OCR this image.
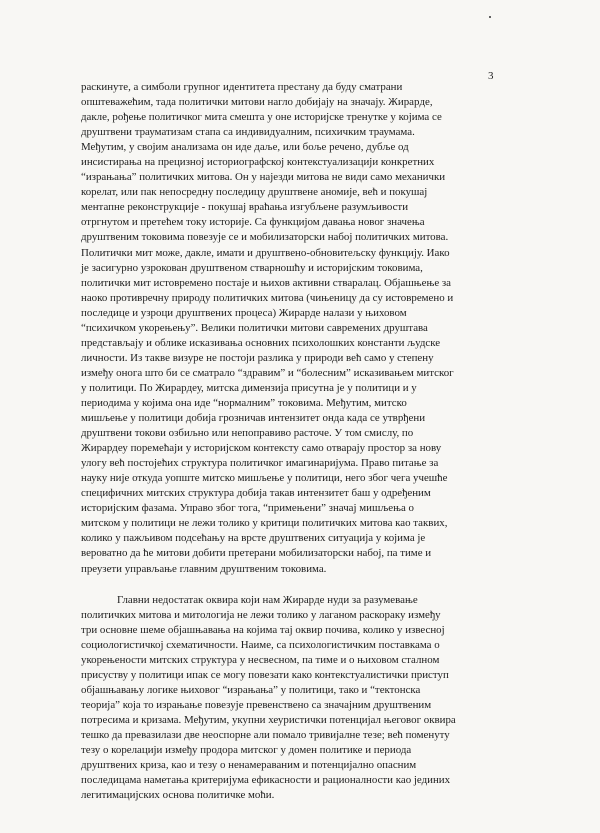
3
раскинуте, а симболи групног идентитета престану да буду сматрани
општеважећим, тада политички митови нагло добијају на значају. Жираpде,
дакле, рођење политичког мита смешта у оне историјске тренутке у којима се
друштвени трауматизам стапа са индивидуалним, психичким траумама.
Међутим, у својим анализама он иде даље, или боље речено, дубље од
инсистирања на прецизној историографској контекстуализацији конкретних
“израњања” политичких митова. Он у најезди митова не види само механички
корелат, или пак непосредну последицу друштвене аномије, већ и покушај
ментапне реконструкције - покушај враћања изгубљене разумљивости
отргнутом и претећем току историје. Са функцијом давања новог значења
друштвеним токовима повезује се и мобилизаторски набој политичких митова.
Политички мит може, дакле, имати и друштвено-обновитељску функцију. Иако
је засигурно узрокован друштвеном стварношћу и историјским токовима,
политички мит истовремено постаје и њихов активни стваралац. Објашњење за
наоко противречну природу политичких митова (чињеницу да су истовремено и
последице и узроци друштвених процеса) Жираpде налази у њиховом
“психичком укорењењу”. Велики политички митови савремених друштава
представљају и облике исказивања основних психолошких константи људске
личности. Из такве визуре не постоји разлика у природи већ само у степену
између онога што би се сматрало “здравим” и “болесним” исказивањем митског
у политици. По Жираpдеу, митска димензија присутна је у политици и у
периодима у којима она иде “нормалним” токовима. Међутим, митско
мишљење у политици добија грозничав интензитет онда када се утврђени
друштвени токови озбиљно или непоправиво расточе. У том смислу, по
Жираpдеу поремећаји у историјском контексту само отварају простор за нову
улогу већ постојећих структура политичког имагинаријума. Право питање за
науку није откуда уопште митско мишљење у политици, него због чега учешће
специфичних митских структура добија такав интензитет баш у одређеним
историјским фазама. Управо због тога, “примењени” значај мишљења о
митском у политици не лежи толико у критици политичких митова као таквих,
колико у пажљивом подсећању на врсте друштвених ситуација у којима је
вероватно да ће митови добити претерани мобилизаторски набој, па тиме и
преузети управљање главним друштвеним токовима.
Главни недостатак оквира који нам Жираpде нуди за разумевање
политичких митова и митологија не лежи толико у лаганом раскораку између
три основне шеме објашњавања на којима тај оквир почива, колико у извесној
социологистичкој схематичности. Наиме, са психологистичким поставкама о
укорењености митских структура у несвесном, па тиме и о њиховом сталном
присуству у политици ипак се могу повезати како контекстуалистички приступ
објашњавању логике њиховог “израњања” у политици, тако и “тектонска
теорија” која то израњање повезује превенствено са значајним друштвеним
потресима и кризама. Међутим, укупни хеуристички потенцијал његовог оквира
тешко да превазилази две неоспорне али помало тривијалне тезе; већ поменуту
тезу о корелацији између продора митског у домен политике и периода
друштвених криза, као и тезу о ненамераваним и потенцијално опасним
последицама наметања критеријума ефикасности и рационалности као јединих
легитимацијских основа политичке моћи.
